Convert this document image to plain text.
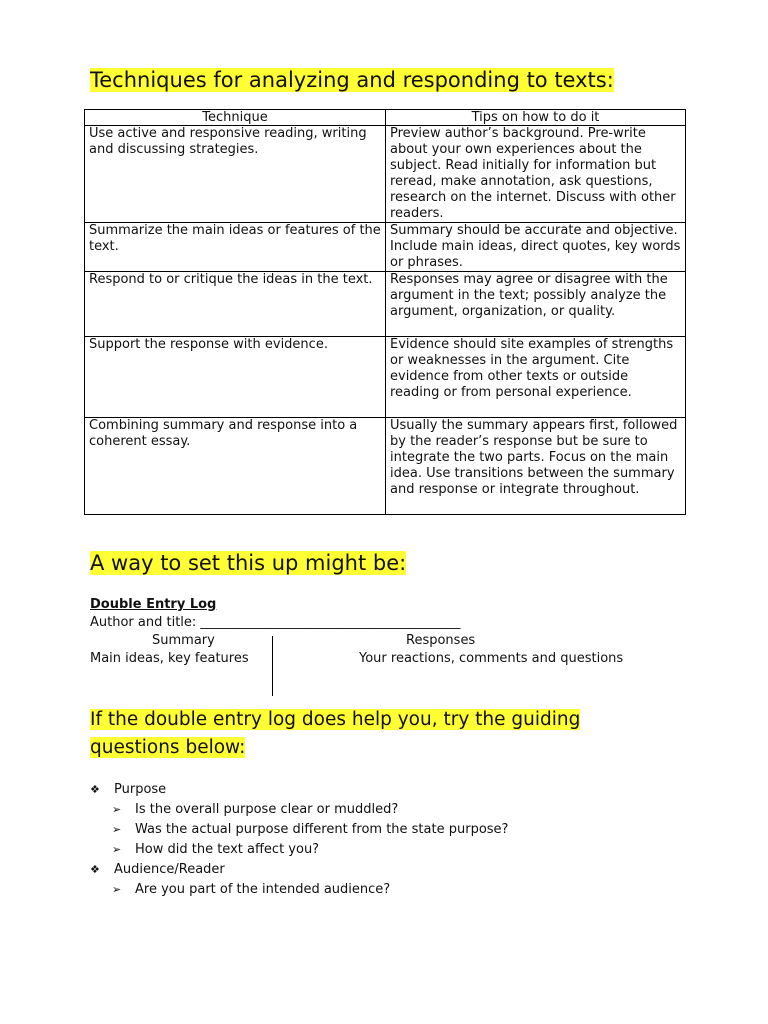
Techniques for analyzing and responding to texts:
Technique	Tips on how to do it
Use active and responsive reading, writing and discussing strategies.	Preview author’s background. Pre-write about your own experiences about the subject. Read initially for information but reread, make annotation, ask questions, research on the internet. Discuss with other readers.
Summarize the main ideas or features of the text.	Summary should be accurate and objective. Include main ideas, direct quotes, key words or phrases.
Respond to or critique the ideas in the text.	Responses may agree or disagree with the argument in the text; possibly analyze the argument, organization, or quality.
Support the response with evidence.	Evidence should site examples of strengths or weaknesses in the argument. Cite evidence from other texts or outside reading or from personal experience.
Combining summary and response into a coherent essay.	Usually the summary appears first, followed by the reader’s response but be sure to integrate the two parts. Focus on the main idea. Use transitions between the summary and response or integrate throughout.
A way to set this up might be:
Double Entry Log
Author and title: ________________________________________
Summary	Responses
Main ideas, key features	Your reactions, comments and questions
If the double entry log does help you, try the guiding
questions below:
❖ Purpose
➢ Is the overall purpose clear or muddled?
➢ Was the actual purpose different from the state purpose?
➢ How did the text affect you?
❖ Audience/Reader
➢ Are you part of the intended audience?
